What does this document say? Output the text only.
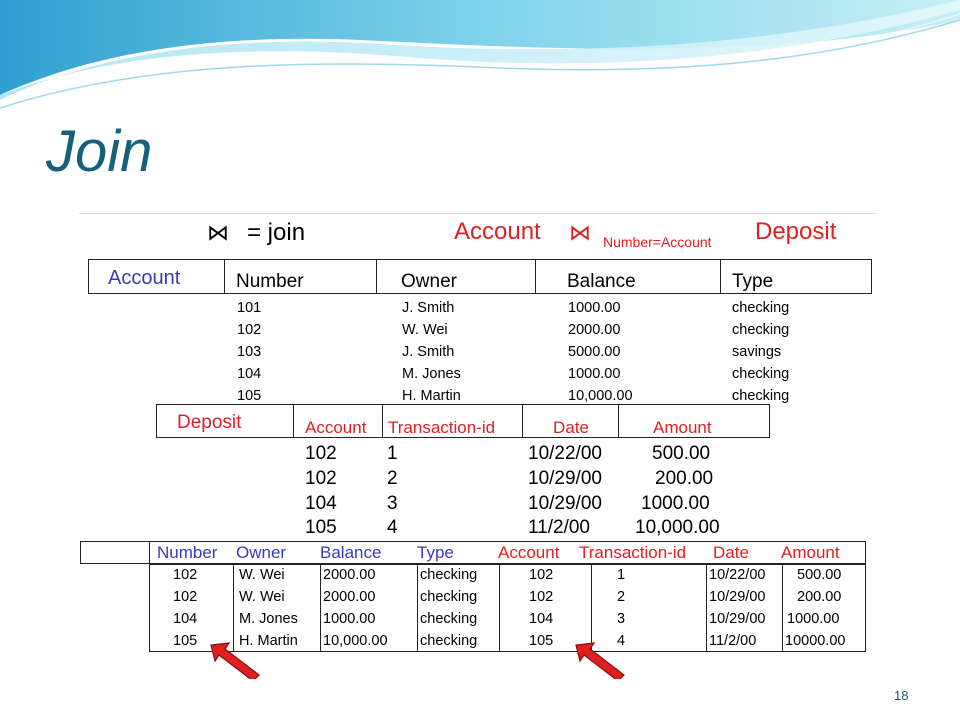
Join
⋈ = join	Account ⋈ Number=Account Deposit
Account	Number	Owner	Balance	Type
101	J. Smith	1000.00	checking
102	W. Wei	2000.00	checking
103	J. Smith	5000.00	savings
104	M. Jones	1000.00	checking
105	H. Martin	10,000.00	checking
Deposit	Account Transaction-id	Date	Amount
102	1	10/22/00	500.00
102	2	10/29/00	200.00
104	3	10/29/00 1000.00
105	4	11/2/00 10,000.00
Number Owner Balance Type	Account Transaction-id Date Amount
102	W. Wei	2000.00	checking	102	1	10/22/00 500.00
102	W. Wei	2000.00	checking	102	2	10/29/00 200.00
104	M. Jones 1000.00	checking	104	3	10/29/00 1000.00
105	H. Martin 10,000.00 checking	105	4	11/2/00 10000.00
18
